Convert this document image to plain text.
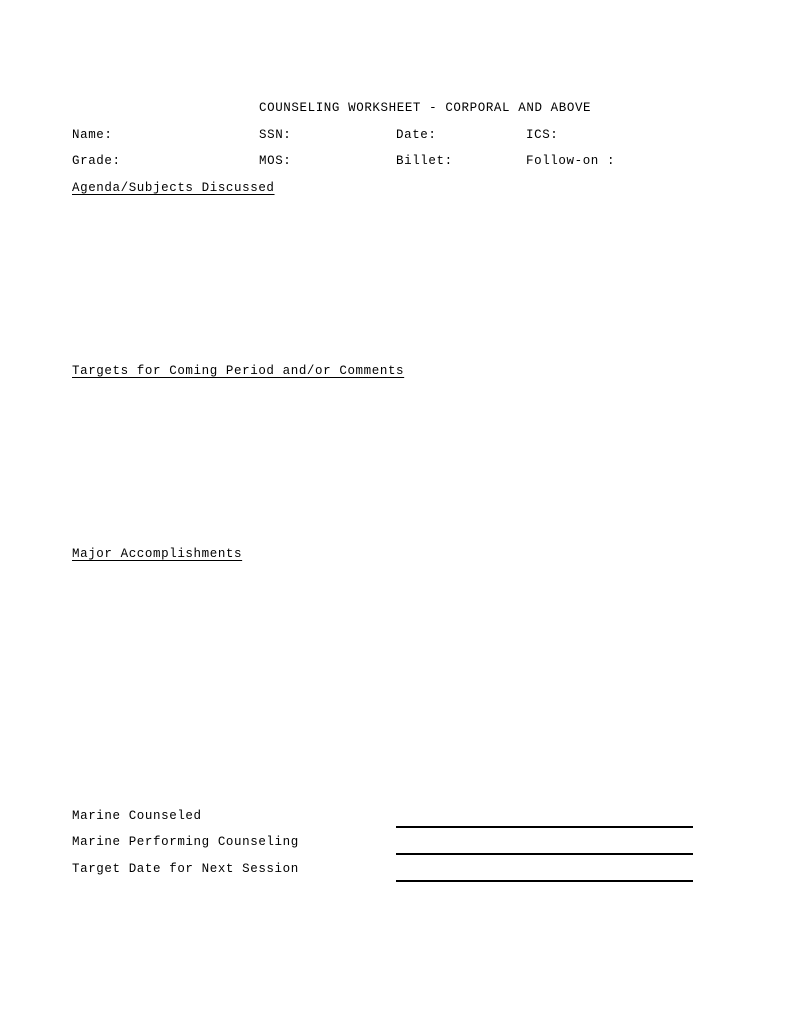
COUNSELING WORKSHEET - CORPORAL AND ABOVE
Name:	SSN:	Date:	ICS:
Grade:	MOS:	Billet:	Follow-on :
Agenda/Subjects Discussed
Targets for Coming Period and/or Comments
Major Accomplishments
Marine Counseled
Marine Performing Counseling
Target Date for Next Session
